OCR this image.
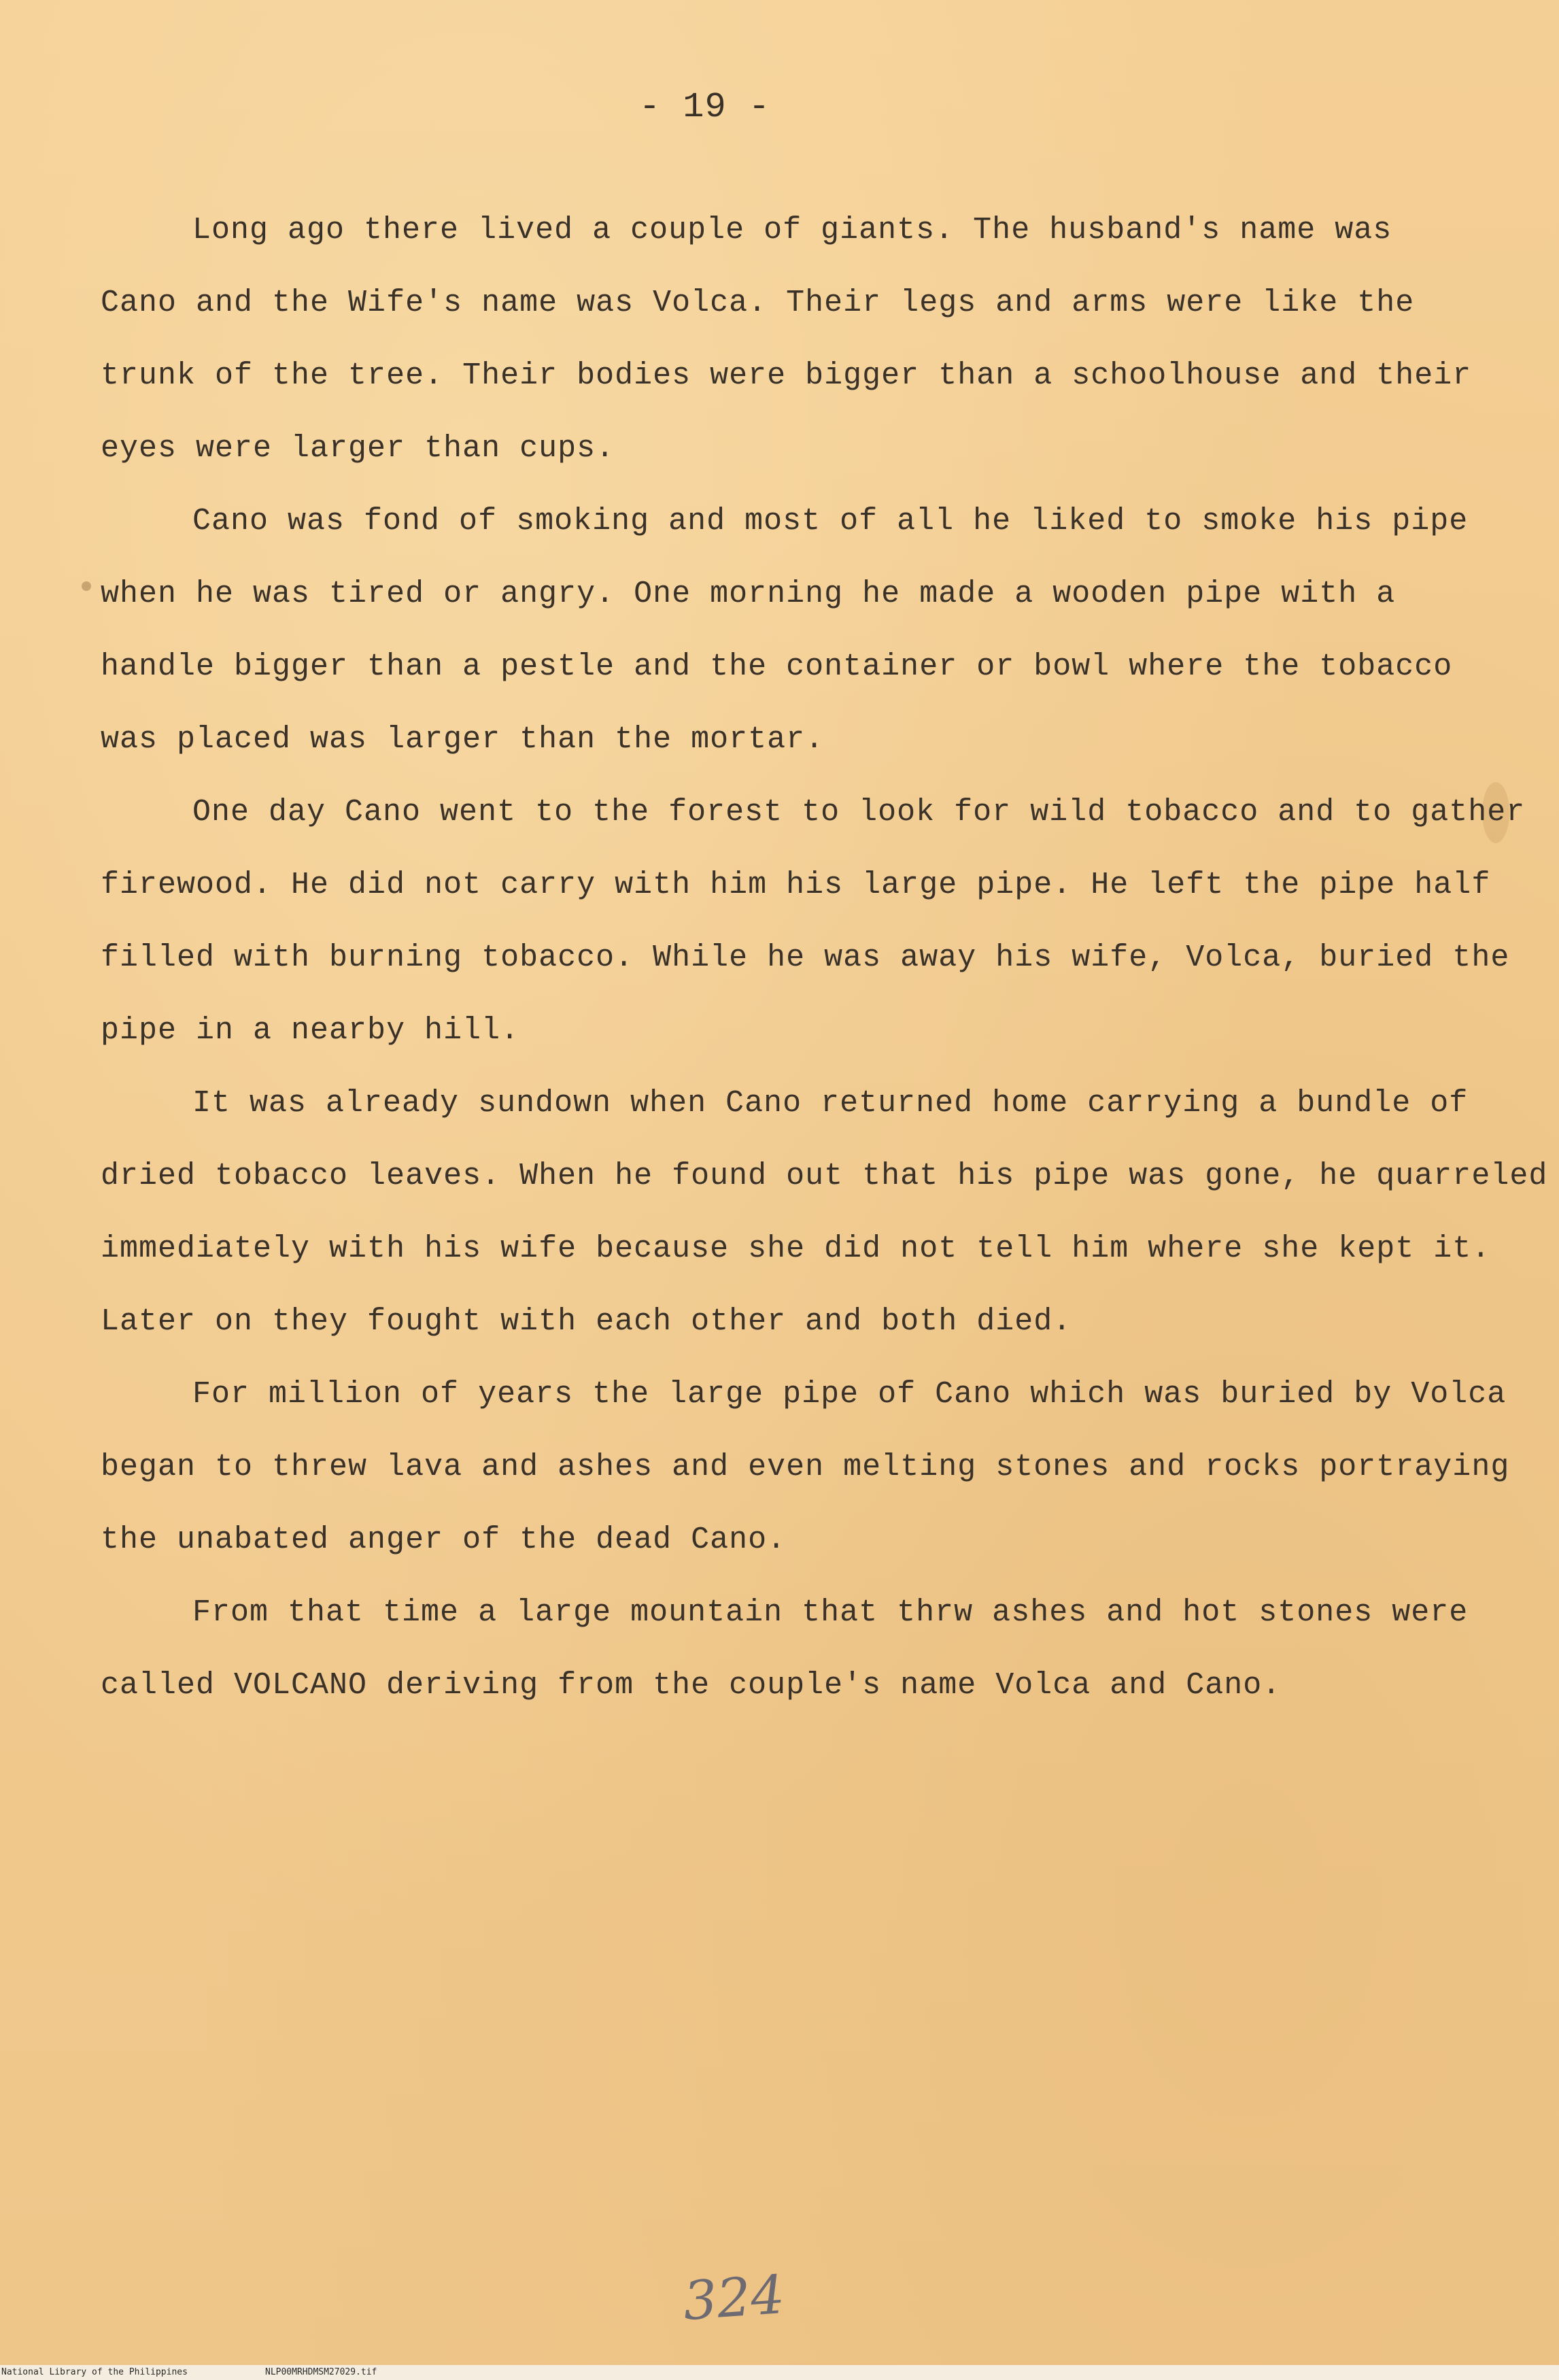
- 19 -
Long ago there lived a couple of giants. The husband's name was
Cano and the Wife's name was Volca. Their legs and arms were like the
trunk of the tree. Their bodies were bigger than a schoolhouse and their
eyes were larger than cups.
Cano was fond of smoking and most of all he liked to smoke his pipe
when he was tired or angry. One morning he made a wooden pipe with a
handle bigger than a pestle and the container or bowl where the tobacco
was placed was larger than the mortar.
One day Cano went to the forest to look for wild tobacco and to gather
firewood. He did not carry with him his large pipe. He left the pipe half
filled with burning tobacco. While he was away his wife, Volca, buried the
pipe in a nearby hill.
It was already sundown when Cano returned home carrying a bundle of
dried tobacco leaves. When he found out that his pipe was gone, he quarreled
immediately with his wife because she did not tell him where she kept it.
Later on they fought with each other and both died.
For million of years the large pipe of Cano which was buried by Volca
began to threw lava and ashes and even melting stones and rocks portraying
the unabated anger of the dead Cano.
From that time a large mountain that thrw ashes and hot stones were
called VOLCANO deriving from the couple's name Volca and Cano.
324
National Library of the Philippines	NLP00MRHDMSM27029.tif
